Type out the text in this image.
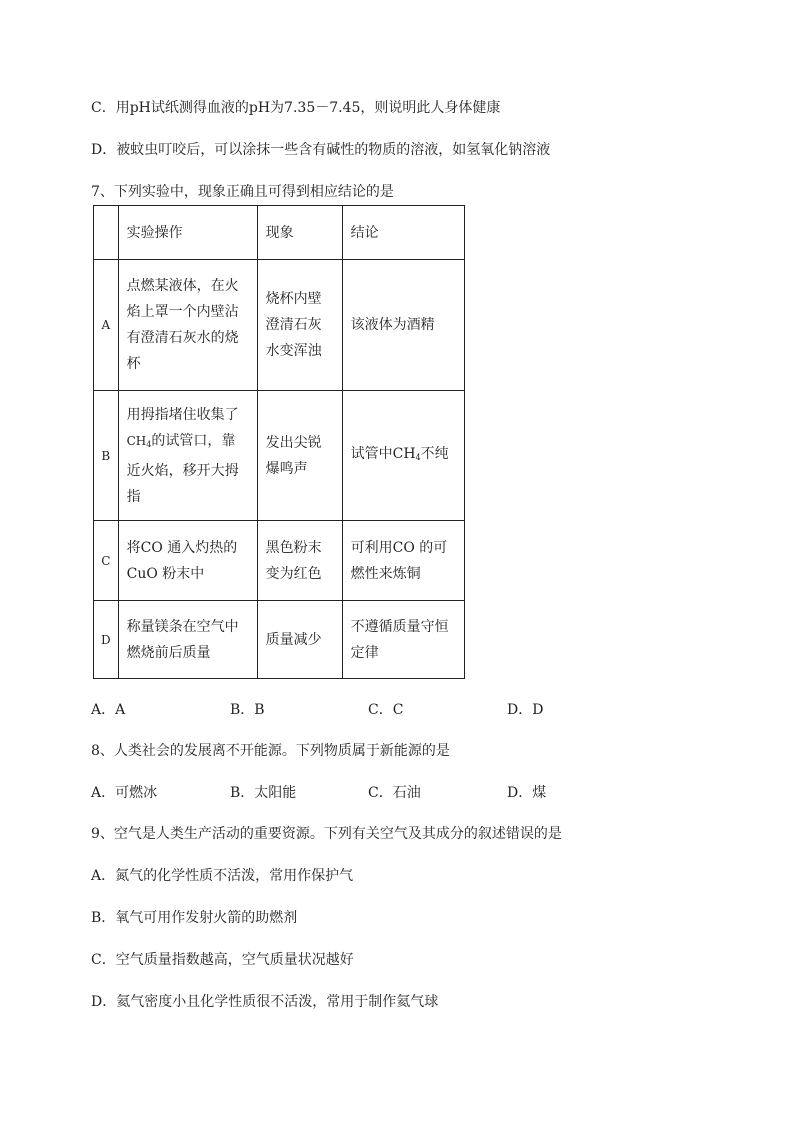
C．用pH试纸测得血液的pH为7.35－7.45，则说明此人身体健康
D．被蚊虫叮咬后，可以涂抹一些含有碱性的物质的溶液，如氢氧化钠溶液
7、下列实验中，现象正确且可得到相应结论的是
	实验操作	现象	结论
A	点燃某液体，在火焰上罩一个内壁沾有澄清石灰水的烧杯	烧杯内壁澄清石灰水变浑浊	该液体为酒精
B	用拇指堵住收集了$CH_4$的试管口，靠近火焰，移开大拇指	发出尖锐爆鸣声	试管中$CH_4$不纯
C	将CO 通入灼热的CuO 粉末中	黑色粉末变为红色	可利用CO 的可燃性来炼铜
D	称量镁条在空气中燃烧前后质量	质量减少	不遵循质量守恒定律
A．A	B．B	C．C	D．D
8、人类社会的发展离不开能源。下列物质属于新能源的是
A．可燃冰	B．太阳能	C．石油	D．煤
9、空气是人类生产活动的重要资源。下列有关空气及其成分的叙述错误的是
A．氮气的化学性质不活泼，常用作保护气
B．氧气可用作发射火箭的助燃剂
C．空气质量指数越高，空气质量状况越好
D．氦气密度小且化学性质很不活泼，常用于制作氦气球
